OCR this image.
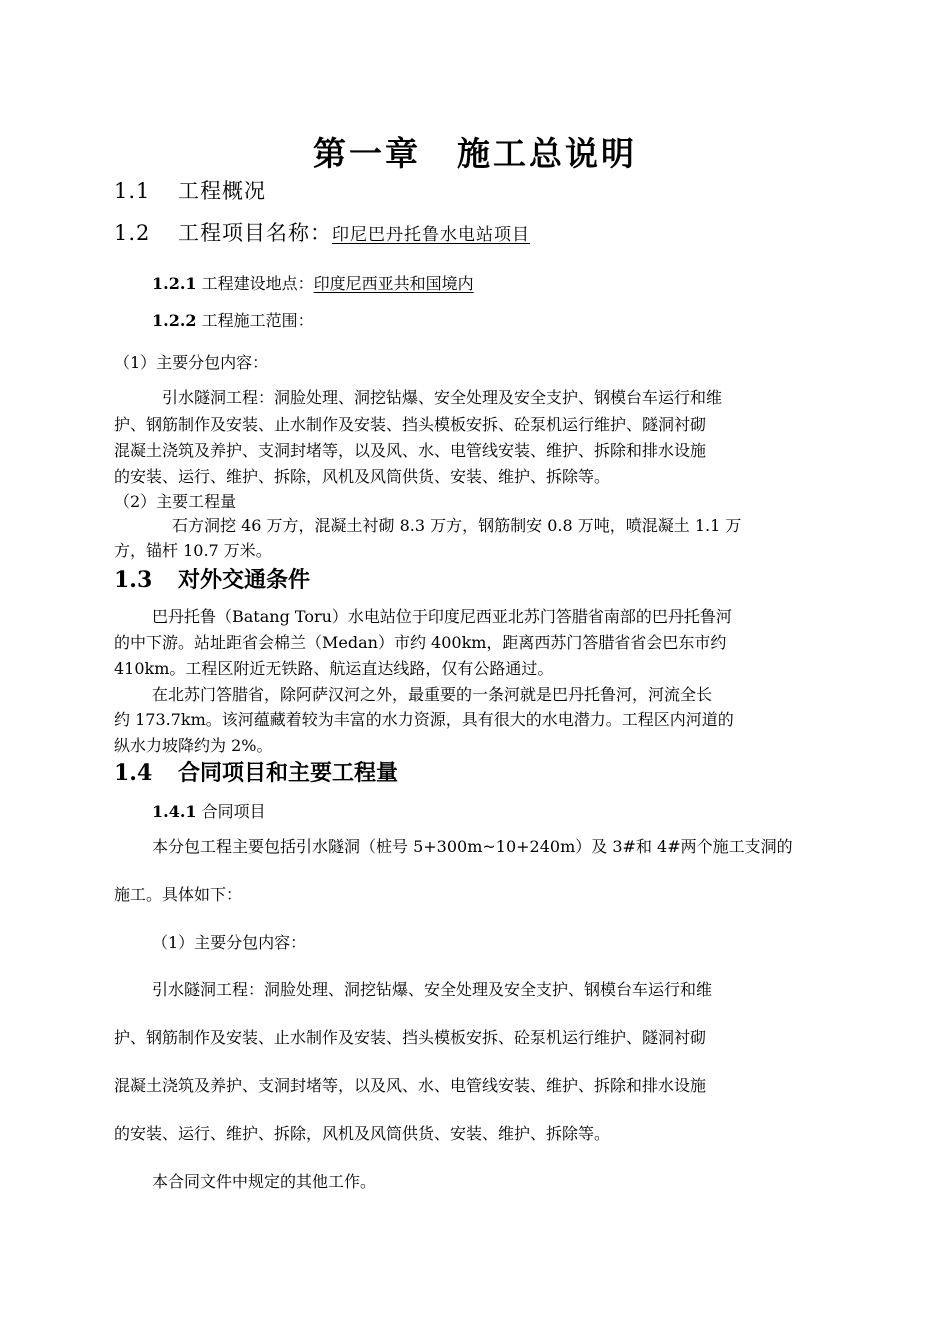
第一章　施工总说明
1.1 工程概况
1.2 工程项目名称：印尼巴丹托鲁水电站项目
1.2.1 工程建设地点：印度尼西亚共和国境内
1.2.2 工程施工范围：
（1）主要分包内容：
引水隧洞工程：洞脸处理、洞挖钻爆、安全处理及安全支护、钢模台车运行和维
护、钢筋制作及安装、止水制作及安装、挡头模板安拆、砼泵机运行维护、隧洞衬砌
混凝土浇筑及养护、支洞封堵等，以及风、水、电管线安装、维护、拆除和排水设施
的安装、运行、维护、拆除，风机及风筒供货、安装、维护、拆除等。
（2）主要工程量
石方洞挖 46 万方，混凝土衬砌 8.3 万方，钢筋制安 0.8 万吨，喷混凝土 1.1 万
方，锚杆 10.7 万米。
1.3 对外交通条件
巴丹托鲁（Batang Toru）水电站位于印度尼西亚北苏门答腊省南部的巴丹托鲁河
的中下游。站址距省会棉兰（Medan）市约 400km，距离西苏门答腊省省会巴东市约
410km。工程区附近无铁路、航运直达线路，仅有公路通过。
在北苏门答腊省，除阿萨汉河之外，最重要的一条河就是巴丹托鲁河，河流全长
约 173.7km。该河蕴藏着较为丰富的水力资源，具有很大的水电潜力。工程区内河道的
纵水力坡降约为 2%。
1.4 合同项目和主要工程量
1.4.1 合同项目
本分包工程主要包括引水隧洞（桩号 5+300m~10+240m）及 3#和 4#两个施工支洞的
施工。具体如下：
（1）主要分包内容：
引水隧洞工程：洞脸处理、洞挖钻爆、安全处理及安全支护、钢模台车运行和维
护、钢筋制作及安装、止水制作及安装、挡头模板安拆、砼泵机运行维护、隧洞衬砌
混凝土浇筑及养护、支洞封堵等，以及风、水、电管线安装、维护、拆除和排水设施
的安装、运行、维护、拆除，风机及风筒供货、安装、维护、拆除等。
本合同文件中规定的其他工作。
